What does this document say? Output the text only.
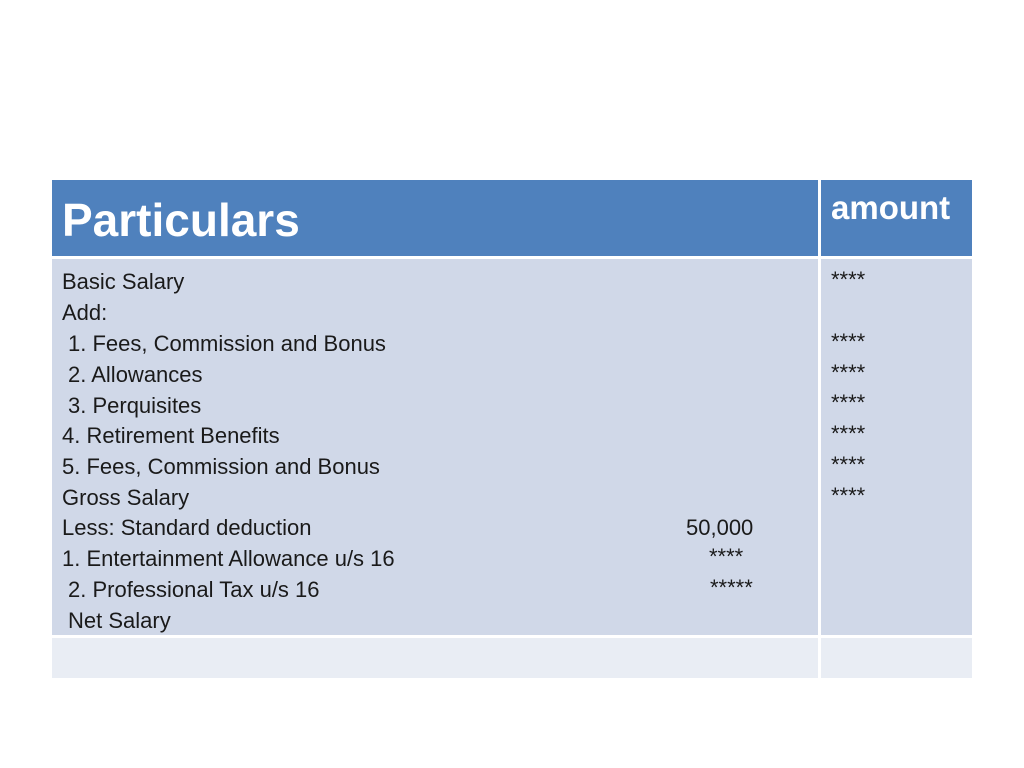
Particulars	amount
Basic Salary
Add:
1. Fees, Commission and Bonus
2. Allowances
3. Perquisites
4. Retirement Benefits
5. Fees, Commission and Bonus
Gross Salary
Less: Standard deduction
1. Entertainment Allowance u/s 16
2. Professional Tax u/s 16
Net Salary
50,000
****
*****
****
****
****
****
****
****
****
